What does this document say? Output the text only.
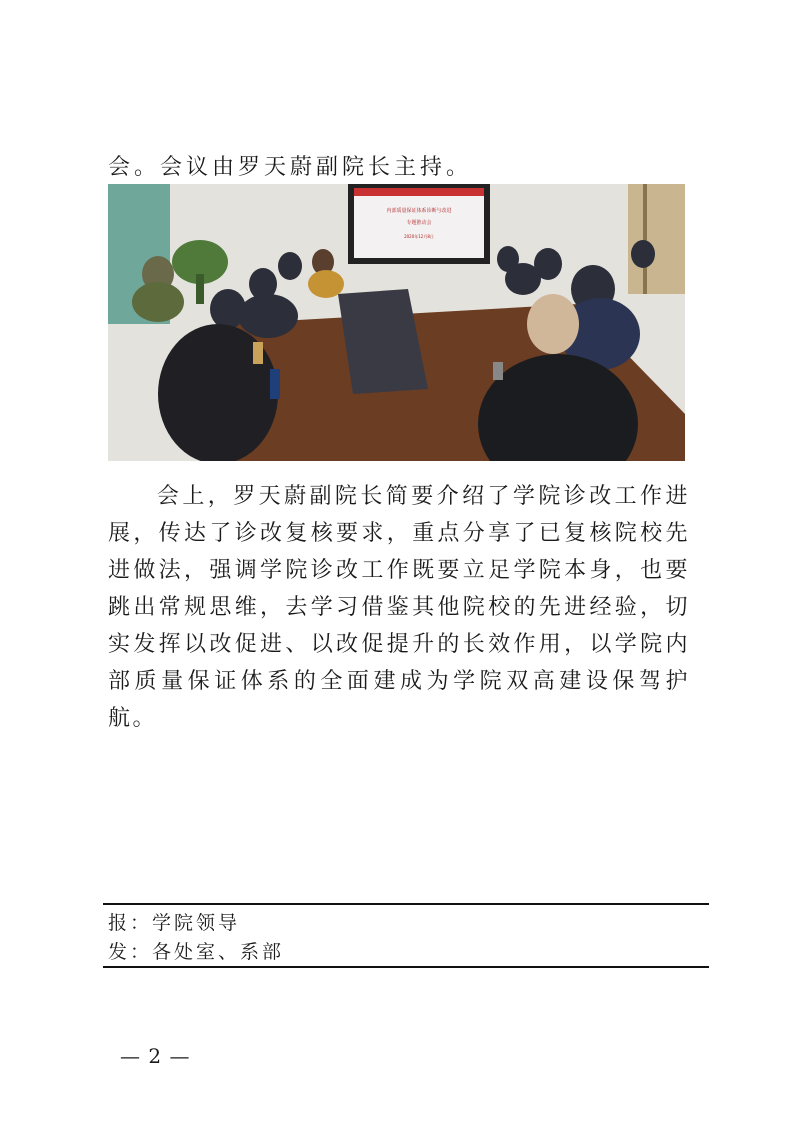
会。会议由罗天蔚副院长主持。

内部质量保证体系诊断与改进
专题推动会
2020年12月8日

会上，罗天蔚副院长简要介绍了学院诊改工作进展，传达了诊改复核要求，重点分享了已复核院校先进做法，强调学院诊改工作既要立足学院本身，也要跳出常规思维，去学习借鉴其他院校的先进经验，切实发挥以改促进、以改促提升的长效作用，以学院内部质量保证体系的全面建成为学院双高建设保驾护航。

报：学院领导

发：各处室、系部

— 2 —
